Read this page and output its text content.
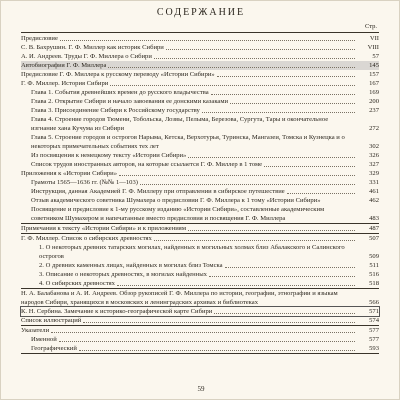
СОДЕРЖАНИЕ
Стр.
Предисловие	VII
С. В. Бахрушин. Г. Ф. Миллер как историк Сибири	VIII
А. И. Андреев. Труды Г. Ф. Миллера о Сибири	57
Автобиография Г. Ф. Миллера	145
Предисловие Г. Ф. Миллера к русскому переводу «Истории Сибири»	157
Г. Ф. Миллер. История Сибири	167
Глава 1. События древнейших времен до русского владычества	169
Глава 2. Открытие Сибири и начало завоевания ее донскими казаками	200
Глава 3. Присоединение Сибири к Российскому государству	237
Глава 4. Строение городов Тюмени, Тобольска, Лозвы, Пелыма, Березова, Сургута, Тары и окончательное изгнание хана Кучума из Сибири	272
Глава 5. Строение городов и острогов Нарыма, Кетска, Верхотурья, Туринска, Мангазеи, Томска и Кузнецка и о некоторых примечательных событиях тех лет	302
Из посвящения к немецкому тексту «Истории Сибири»	326
Список трудов иностранных авторов, на которые ссылается Г. Ф. Миллер в 1 томе	327
Приложения к «Истории Сибири»	329
Грамоты 1565—1636 гг. (№№ 1—103)	331
Инструкция, данная Академией Г. Ф. Миллеру при отправлении в сибирское путешествие	461
Отзыв академического советника Шумахера о предисловии Г. Ф. Миллера к 1 тому «Истории Сибири»	462
Посвящение и предисловие к 1-му русскому изданию «Истории Сибири», составленные академическим советником Шумахером и напечатанные вместо предисловия и посвящения Г. Ф. Миллера	483
Примечания к тексту «Истории Сибири» и к приложениям	487
Г. Ф. Миллер. Список о сибирских древностях	507
1. О некоторых древних татарских могилах, найденных в могильных холмах близ Абалакского и Салинского острогов	509
2. О древних каменных лицах, найденных в могилах близ Томска	511
3. Описание о некоторых древностях, в могилах найденных	516
4. О сибирских древностях	518
Н. А. Балабанова и А. И. Андреев. Обзор рукописей Г. Ф. Миллера по истории, географии, этнографии и языкам народов Сибири, хранящихся в московских и ленинградских архивах и библиотеках	566
К. Н. Сербина. Замечание к историко-географической карте Сибири	571
Список иллюстраций	574
Указатели	577
Именной	577
Географический	593
59
